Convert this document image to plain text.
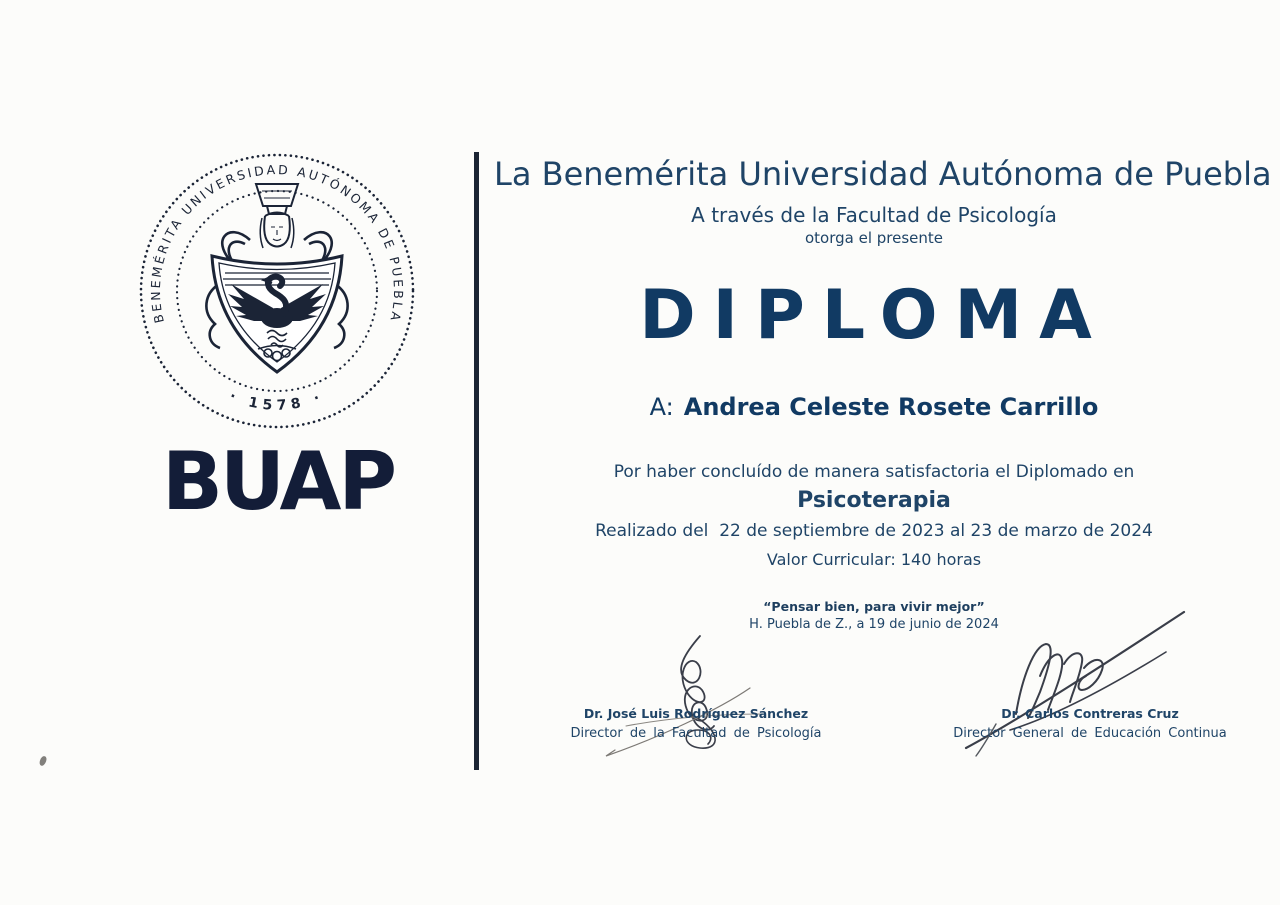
BENEMÉRITA UNIVERSIDAD AUTÓNOMA DE PUEBLA
· 1578 ·
BUAP
La Benemérita Universidad Autónoma de Puebla
A través de la Facultad de Psicología
otorga el presente
DIPLOMA
A: Andrea Celeste Rosete Carrillo
Por haber concluído de manera satisfactoria el Diplomado en
Psicoterapia
Realizado del  22 de septiembre de 2023 al 23 de marzo de 2024
Valor Curricular: 140 horas
“Pensar bien, para vivir mejor”
H. Puebla de Z., a 19 de junio de 2024
Dr. José Luis Rodríguez Sánchez
Director de la Facultad de Psicología
Dr. Carlos Contreras Cruz
Director General de Educación Continua
